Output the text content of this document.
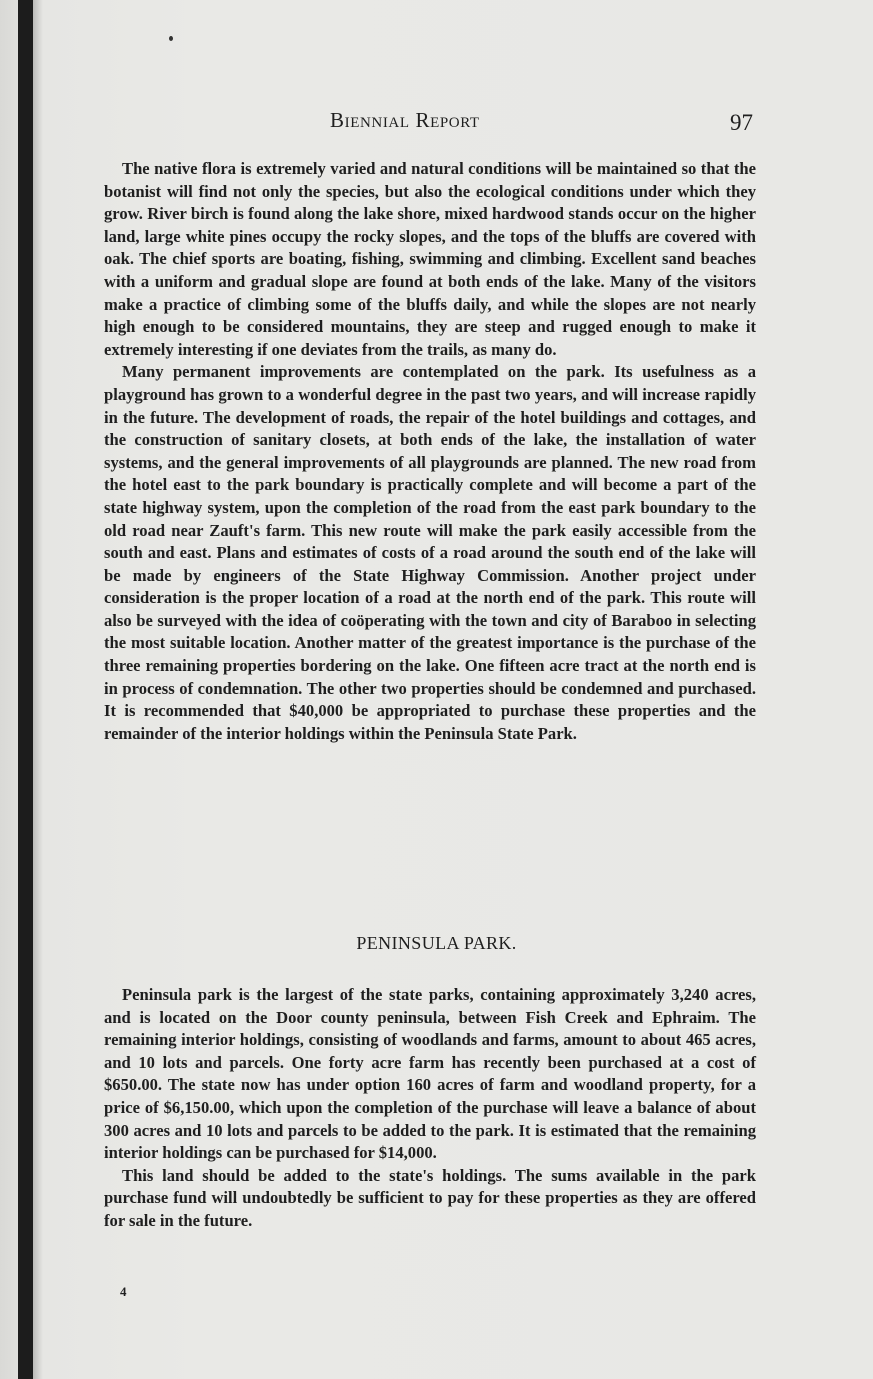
Biennial Report	97

The native flora is extremely varied and natural conditions will be maintained so that the botanist will find not only the species, but also the ecological conditions under which they grow. River birch is found along the lake shore, mixed hardwood stands occur on the higher land, large white pines occupy the rocky slopes, and the tops of the bluffs are covered with oak. The chief sports are boating, fishing, swimming and climbing. Excellent sand beaches with a uniform and gradual slope are found at both ends of the lake. Many of the visitors make a practice of climbing some of the bluffs daily, and while the slopes are not nearly high enough to be considered mountains, they are steep and rugged enough to make it extremely interesting if one deviates from the trails, as many do.

Many permanent improvements are contemplated on the park. Its usefulness as a playground has grown to a wonderful degree in the past two years, and will increase rapidly in the future. The development of roads, the repair of the hotel buildings and cottages, and the construction of sanitary closets, at both ends of the lake, the installation of water systems, and the general improvements of all playgrounds are planned. The new road from the hotel east to the park boundary is practically complete and will become a part of the state highway system, upon the completion of the road from the east park boundary to the old road near Zauft's farm. This new route will make the park easily accessible from the south and east. Plans and estimates of costs of a road around the south end of the lake will be made by engineers of the State Highway Commission. Another project under consideration is the proper location of a road at the north end of the park. This route will also be surveyed with the idea of coöperating with the town and city of Baraboo in selecting the most suitable location. Another matter of the greatest importance is the purchase of the three remaining properties bordering on the lake. One fifteen acre tract at the north end is in process of condemnation. The other two properties should be condemned and purchased. It is recommended that $40,000 be appropriated to purchase these properties and the remainder of the interior holdings within the Peninsula State Park.

PENINSULA PARK.

Peninsula park is the largest of the state parks, containing approximately 3,240 acres, and is located on the Door county peninsula, between Fish Creek and Ephraim. The remaining interior holdings, consisting of woodlands and farms, amount to about 465 acres, and 10 lots and parcels. One forty acre farm has recently been purchased at a cost of $650.00. The state now has under option 160 acres of farm and woodland property, for a price of $6,150.00, which upon the completion of the purchase will leave a balance of about 300 acres and 10 lots and parcels to be added to the park. It is estimated that the remaining interior holdings can be purchased for $14,000.

This land should be added to the state's holdings. The sums available in the park purchase fund will undoubtedly be sufficient to pay for these properties as they are offered for sale in the future.

4
